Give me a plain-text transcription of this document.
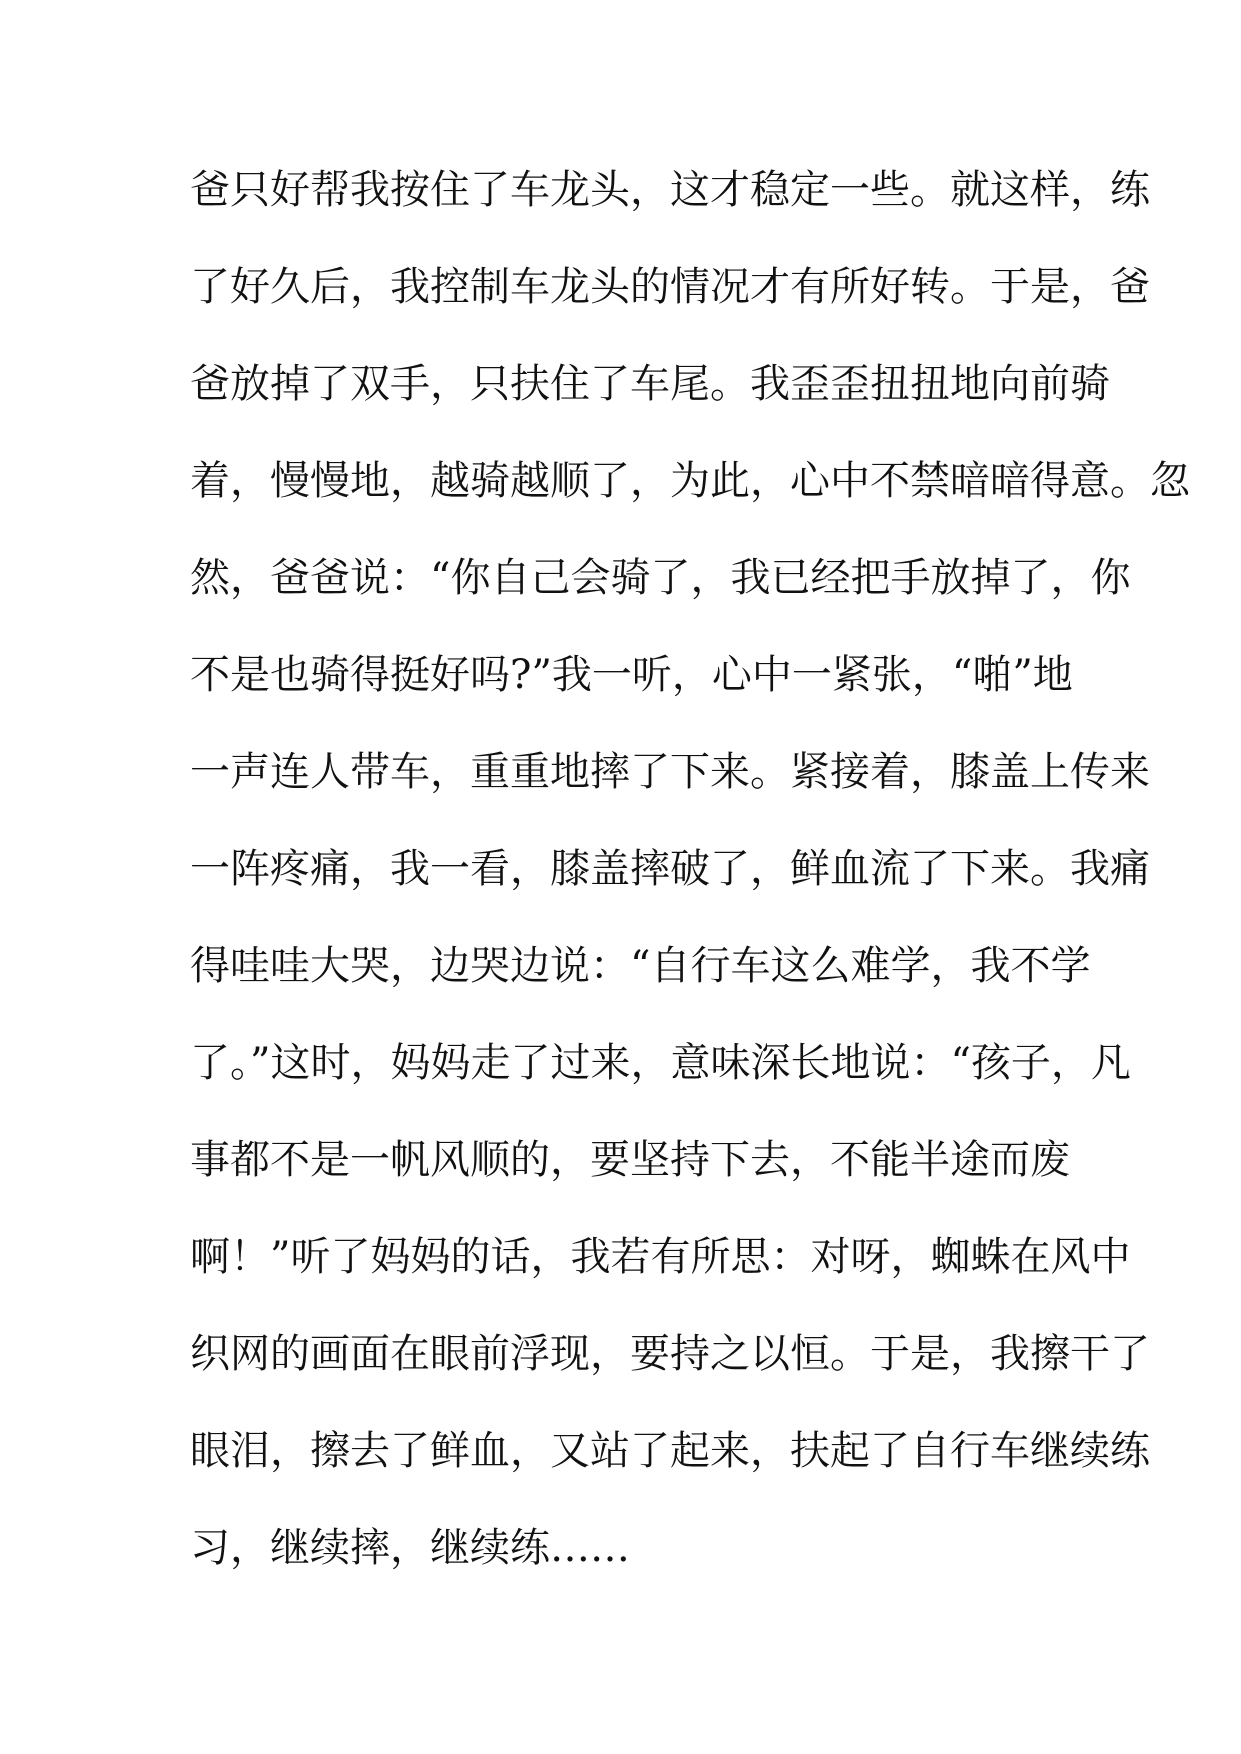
爸只好帮我按住了车龙头，这才稳定一些。就这样，练
了好久后，我控制车龙头的情况才有所好转。于是，爸
爸放掉了双手，只扶住了车尾。我歪歪扭扭地向前骑
着，慢慢地，越骑越顺了，为此，心中不禁暗暗得意。忽
然，爸爸说：“你自己会骑了，我已经把手放掉了，你
不是也骑得挺好吗?”我一听，心中一紧张，“啪”地
一声连人带车，重重地摔了下来。紧接着，膝盖上传来
一阵疼痛，我一看，膝盖摔破了，鲜血流了下来。我痛
得哇哇大哭，边哭边说：“自行车这么难学，我不学
了。”这时，妈妈走了过来，意味深长地说：“孩子，凡
事都不是一帆风顺的，要坚持下去，不能半途而废
啊！”听了妈妈的话，我若有所思：对呀，蜘蛛在风中
织网的画面在眼前浮现，要持之以恒。于是，我擦干了
眼泪，擦去了鲜血，又站了起来，扶起了自行车继续练
习，继续摔，继续练……
